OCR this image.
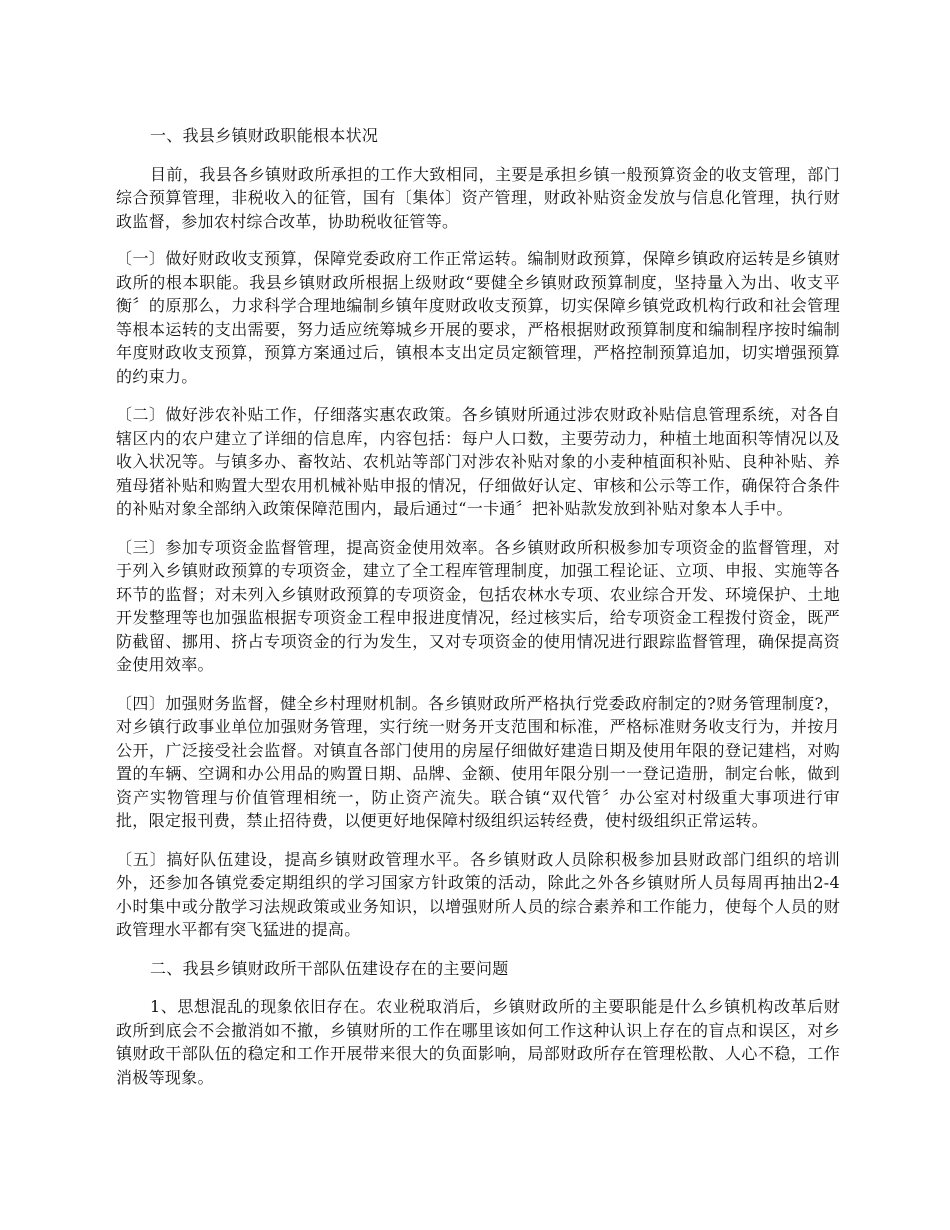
一、我县乡镇财政职能根本状况

目前，我县各乡镇财政所承担的工作大致相同，主要是承担乡镇一般预算资金的收支管理，部门综合预算管理，非税收入的征管，国有〔集体〕资产管理，财政补贴资金发放与信息化管理，执行财政监督，参加农村综合改革，协助税收征管等。

〔一〕做好财政收支预算，保障党委政府工作正常运转。编制财政预算，保障乡镇政府运转是乡镇财政所的根本职能。我县乡镇财政所根据上级财政“要健全乡镇财政预算制度，坚持量入为出、收支平衡〞的原那么，力求科学合理地编制乡镇年度财政收支预算，切实保障乡镇党政机构行政和社会管理等根本运转的支出需要，努力适应统筹城乡开展的要求，严格根据财政预算制度和编制程序按时编制年度财政收支预算，预算方案通过后，镇根本支出定员定额管理，严格控制预算追加，切实增强预算的约束力。

〔二〕做好涉农补贴工作，仔细落实惠农政策。各乡镇财所通过涉农财政补贴信息管理系统，对各自辖区内的农户建立了详细的信息库，内容包括：每户人口数，主要劳动力，种植土地面积等情况以及收入状况等。与镇多办、畜牧站、农机站等部门对涉农补贴对象的小麦种植面积补贴、良种补贴、养殖母猪补贴和购置大型农用机械补贴申报的情况，仔细做好认定、审核和公示等工作，确保符合条件的补贴对象全部纳入政策保障范围内，最后通过“一卡通〞把补贴款发放到补贴对象本人手中。

〔三〕参加专项资金监督管理，提高资金使用效率。各乡镇财政所积极参加专项资金的监督管理，对于列入乡镇财政预算的专项资金，建立了全工程库管理制度，加强工程论证、立项、申报、实施等各环节的监督；对未列入乡镇财政预算的专项资金，包括农林水专项、农业综合开发、环境保护、土地开发整理等也加强监根据专项资金工程申报进度情况，经过核实后，给专项资金工程拨付资金，既严防截留、挪用、挤占专项资金的行为发生，又对专项资金的使用情况进行跟踪监督管理，确保提高资金使用效率。

〔四〕加强财务监督，健全乡村理财机制。各乡镇财政所严格执行党委政府制定的?财务管理制度?，对乡镇行政事业单位加强财务管理，实行统一财务开支范围和标准，严格标准财务收支行为，并按月公开，广泛接受社会监督。对镇直各部门使用的房屋仔细做好建造日期及使用年限的登记建档，对购置的车辆、空调和办公用品的购置日期、品牌、金额、使用年限分别一一登记造册，制定台帐，做到资产实物管理与价值管理相统一，防止资产流失。联合镇“双代管〞办公室对村级重大事项进行审批，限定报刊费，禁止招待费，以便更好地保障村级组织运转经费，使村级组织正常运转。

〔五〕搞好队伍建设，提高乡镇财政管理水平。各乡镇财政人员除积极参加县财政部门组织的培训外，还参加各镇党委定期组织的学习国家方针政策的活动，除此之外各乡镇财所人员每周再抽出2-4小时集中或分散学习法规政策或业务知识，以增强财所人员的综合素养和工作能力，使每个人员的财政管理水平都有突飞猛进的提高。

二、我县乡镇财政所干部队伍建设存在的主要问题

1、思想混乱的现象依旧存在。农业税取消后，乡镇财政所的主要职能是什么乡镇机构改革后财政所到底会不会撤消如不撤，乡镇财所的工作在哪里该如何工作这种认识上存在的盲点和误区，对乡镇财政干部队伍的稳定和工作开展带来很大的负面影响，局部财政所存在管理松散、人心不稳，工作消极等现象。
